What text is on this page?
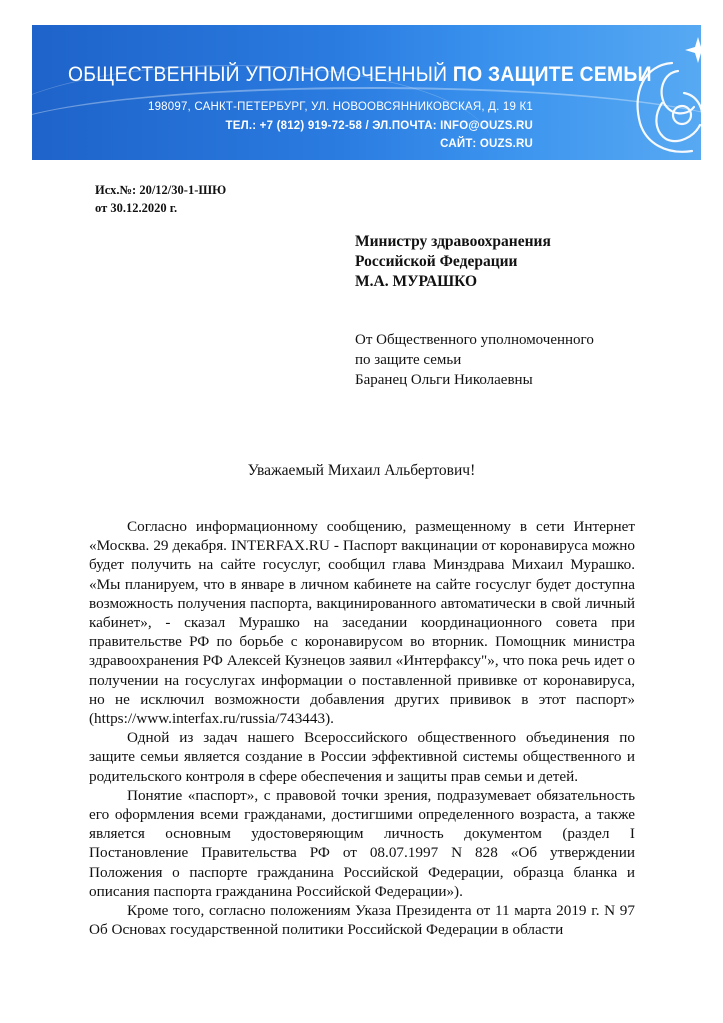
ОБЩЕСТВЕННЫЙ УПОЛНОМОЧЕННЫЙ ПО ЗАЩИТЕ СЕМЬИ
198097, САНКТ-ПЕТЕРБУРГ, УЛ. НОВООВСЯННИКОВСКАЯ, Д. 19 К1
ТЕЛ.: +7 (812) 919-72-58 / ЭЛ.ПОЧТА: INFO@OUZS.RU
САЙТ: OUZS.RU
Исх.№: 20/12/30-1-ШЮ
от 30.12.2020 г.
Министру здравоохранения
Российской Федерации
М.А. МУРАШКО
От Общественного уполномоченного
по защите семьи
Баранец Ольги Николаевны
Уважаемый Михаил Альбертович!

Согласно информационному сообщению, размещенному в сети Интернет «Москва. 29 декабря. INTERFAX.RU - Паспорт вакцинации от коронавируса можно будет получить на сайте госуслуг, сообщил глава Минздрава Михаил Мурашко. «Мы планируем, что в январе в личном кабинете на сайте госуслуг будет доступна возможность получения паспорта, вакцинированного автоматически в свой личный кабинет», - сказал Мурашко на заседании координационного совета при правительстве РФ по борьбе с коронавирусом во вторник. Помощник министра здравоохранения РФ Алексей Кузнецов заявил «Интерфаксу"», что пока речь идет о получении на госуслугах информации о поставленной прививке от коронавируса, но не исключил возможности добавления других прививок в этот паспорт» (https://www.interfax.ru/russia/743443).

Одной из задач нашего Всероссийского общественного объединения по защите семьи является создание в России эффективной системы общественного и родительского контроля в сфере обеспечения и защиты прав семьи и детей.

Понятие «паспорт», с правовой точки зрения, подразумевает обязательность его оформления всеми гражданами, достигшими определенного возраста, а также является основным удостоверяющим личность документом (раздел I Постановление Правительства РФ от 08.07.1997 N 828 «Об утверждении Положения о паспорте гражданина Российской Федерации, образца бланка и описания паспорта гражданина Российской Федерации»).

Кроме того, согласно положениям Указа Президента от 11 марта 2019 г. N 97 Об Основах государственной политики Российской Федерации в области
